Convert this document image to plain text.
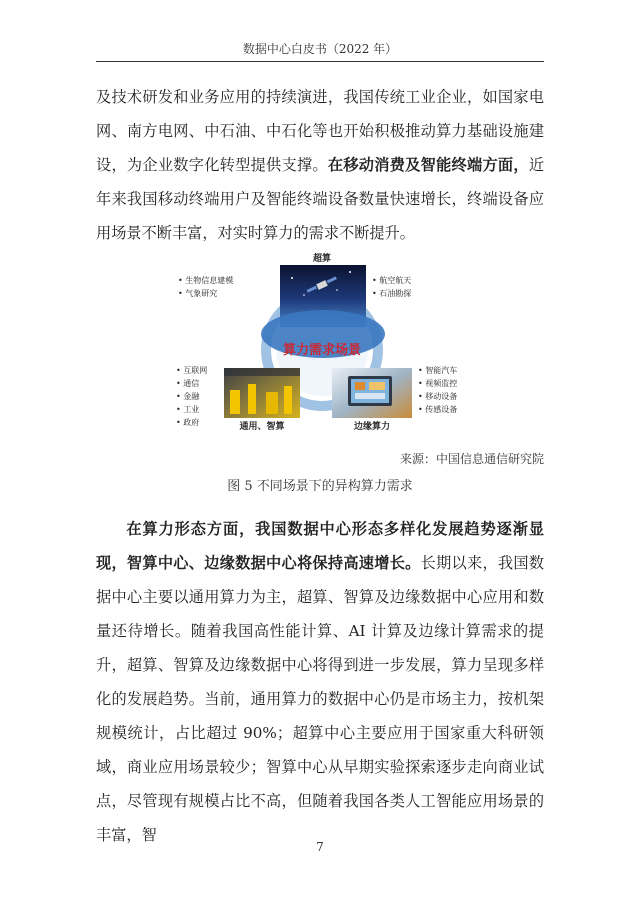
数据中心白皮书（2022 年）
及技术研发和业务应用的持续演进，我国传统工业企业，如国家电网、南方电网、中石油、中石化等也开始积极推动算力基础设施建设，为企业数字化转型提供支撑。在移动消费及智能终端方面，近年来我国移动终端用户及智能终端设备数量快速增长，终端设备应用场景不断丰富，对实时算力的需求不断提升。
超算
通用、智算	边缘算力
算力需求场景
• 生物信息建模 • 气象研究
• 航空航天 • 石油勘探
• 互联网 • 通信 • 金融 • 工业 • 政府
• 智能汽车 • 视频监控 • 移动设备 • 传感设备
来源：中国信息通信研究院
图 5 不同场景下的异构算力需求
在算力形态方面，我国数据中心形态多样化发展趋势逐渐显现，智算中心、边缘数据中心将保持高速增长。长期以来，我国数据中心主要以通用算力为主，超算、智算及边缘数据中心应用和数量还待增长。随着我国高性能计算、AI 计算及边缘计算需求的提升，超算、智算及边缘数据中心将得到进一步发展，算力呈现多样化的发展趋势。当前，通用算力的数据中心仍是市场主力，按机架规模统计，占比超过 90%；超算中心主要应用于国家重大科研领域，商业应用场景较少；智算中心从早期实验探索逐步走向商业试点，尽管现有规模占比不高，但随着我国各类人工智能应用场景的丰富，智
7
